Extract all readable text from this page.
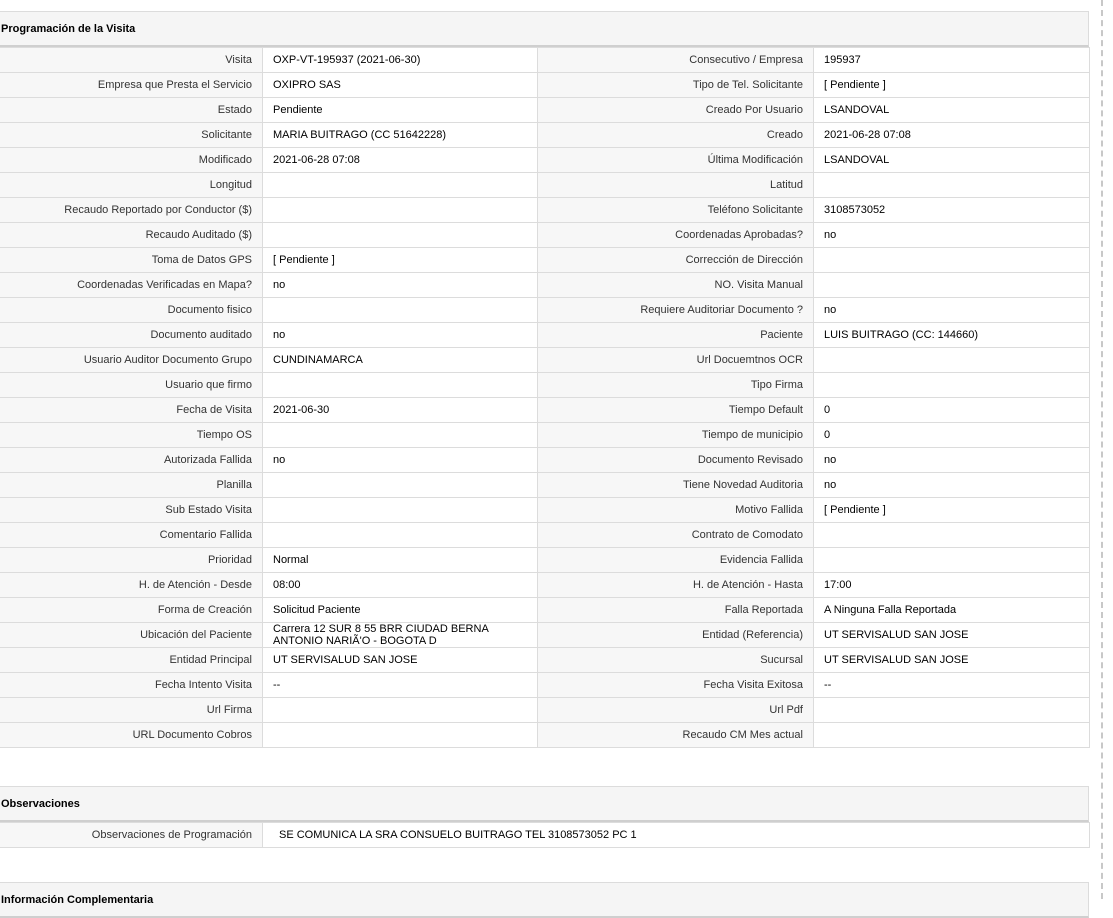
Programación de la Visita
Visita	OXP-VT-195937 (2021-06-30)	Consecutivo / Empresa	195937
Empresa que Presta el Servicio	OXIPRO SAS	Tipo de Tel. Solicitante	[ Pendiente ]
Estado	Pendiente	Creado Por Usuario	LSANDOVAL
Solicitante	MARIA BUITRAGO (CC 51642228)	Creado	2021-06-28 07:08
Modificado	2021-06-28 07:08	Última Modificación	LSANDOVAL
Longitud		Latitud	
Recaudo Reportado por Conductor ($)		Teléfono Solicitante	3108573052
Recaudo Auditado ($)		Coordenadas Aprobadas?	no
Toma de Datos GPS	[ Pendiente ]	Corrección de Dirección	
Coordenadas Verificadas en Mapa?	no	NO. Visita Manual	
Documento fisico		Requiere Auditoriar Documento ?	no
Documento auditado	no	Paciente	LUIS BUITRAGO (CC: 144660)
Usuario Auditor Documento Grupo	CUNDINAMARCA	Url Docuemtnos OCR	
Usuario que firmo		Tipo Firma	
Fecha de Visita	2021-06-30	Tiempo Default	0
Tiempo OS		Tiempo de municipio	0
Autorizada Fallida	no	Documento Revisado	no
Planilla		Tiene Novedad Auditoria	no
Sub Estado Visita		Motivo Fallida	[ Pendiente ]
Comentario Fallida		Contrato de Comodato	
Prioridad	Normal	Evidencia Fallida	
H. de Atención - Desde	08:00	H. de Atención - Hasta	17:00
Forma de Creación	Solicitud Paciente	Falla Reportada	A Ninguna Falla Reportada
Ubicación del Paciente	Carrera 12 SUR 8 55 BRR CIUDAD BERNA ANTONIO NARIÃ'O - BOGOTA D	Entidad (Referencia)	UT SERVISALUD SAN JOSE
Entidad Principal	UT SERVISALUD SAN JOSE	Sucursal	UT SERVISALUD SAN JOSE
Fecha Intento Visita	--	Fecha Visita Exitosa	--
Url Firma		Url Pdf	
URL Documento Cobros		Recaudo CM Mes actual	
Observaciones
Observaciones de Programación	SE COMUNICA LA SRA CONSUELO BUITRAGO TEL 3108573052 PC 1
Información Complementaria
